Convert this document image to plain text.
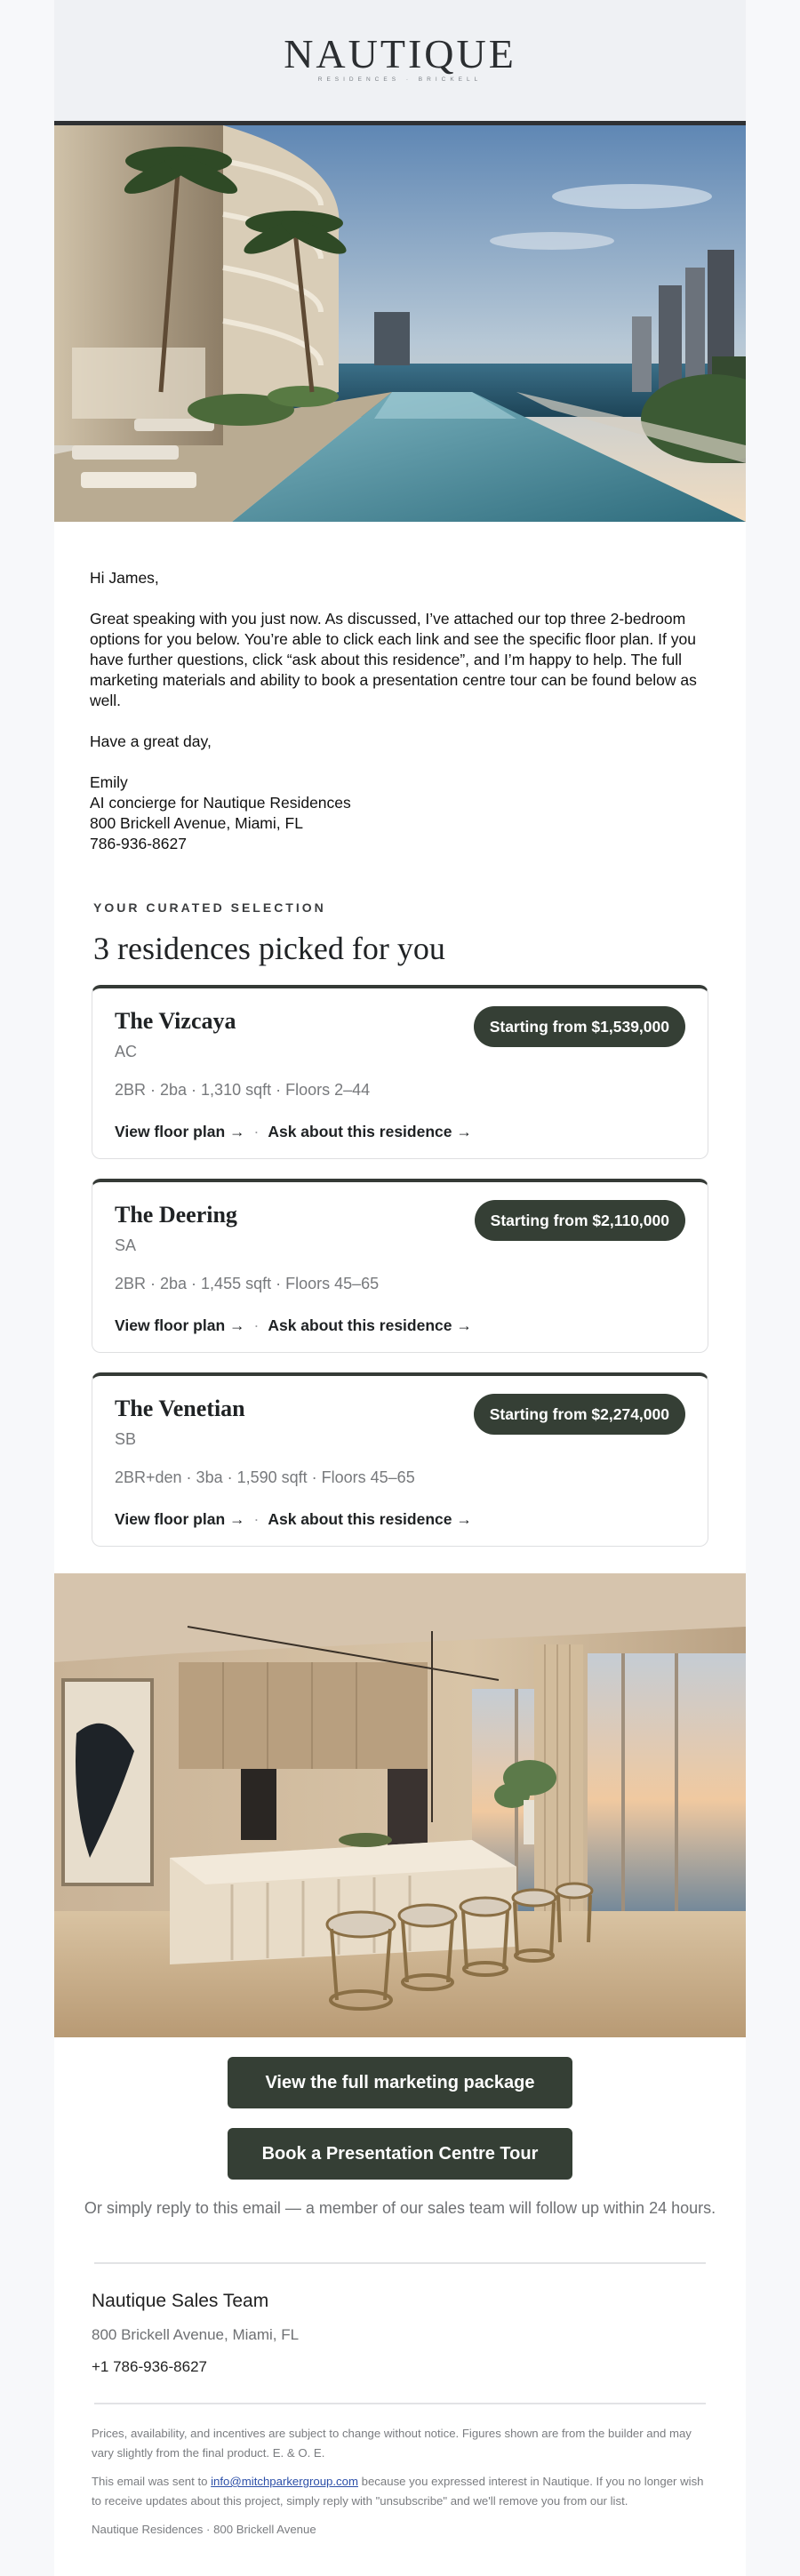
NAUTIQUE
RESIDENCES · BRICKELL

Hi James,

Great speaking with you just now. As discussed, I’ve attached our top three 2-bedroom options for you below. You’re able to click each link and see the specific floor plan. If you have further questions, click “ask about this residence”, and I’m happy to help. The full marketing materials and ability to book a presentation centre tour can be found below as well.

Have a great day,

Emily
AI concierge for Nautique Residences
800 Brickell Avenue, Miami, FL
786-936-8627
YOUR CURATED SELECTION
3 residences picked for you
The Vizcaya
AC
2BR · 2ba · 1,310 sqft · Floors 2–44
View floor plan → · Ask about this residence →
Starting from $1,539,000
The Deering
SA
2BR · 2ba · 1,455 sqft · Floors 45–65
View floor plan → · Ask about this residence →
Starting from $2,110,000
The Venetian
SB
2BR+den · 3ba · 1,590 sqft · Floors 45–65
View floor plan → · Ask about this residence →
Starting from $2,274,000
View the full marketing package
Book a Presentation Centre Tour
Or simply reply to this email — a member of our sales team will follow up within 24 hours.
Nautique Sales Team
800 Brickell Avenue, Miami, FL
+1 786-936-8627

Prices, availability, and incentives are subject to change without notice. Figures shown are from the builder and may vary slightly from the final product. E. & O. E.

This email was sent to info@mitchparkergroup.com because you expressed interest in Nautique. If you no longer wish to receive updates about this project, simply reply with "unsubscribe" and we'll remove you from our list.

Nautique Residences · 800 Brickell Avenue
